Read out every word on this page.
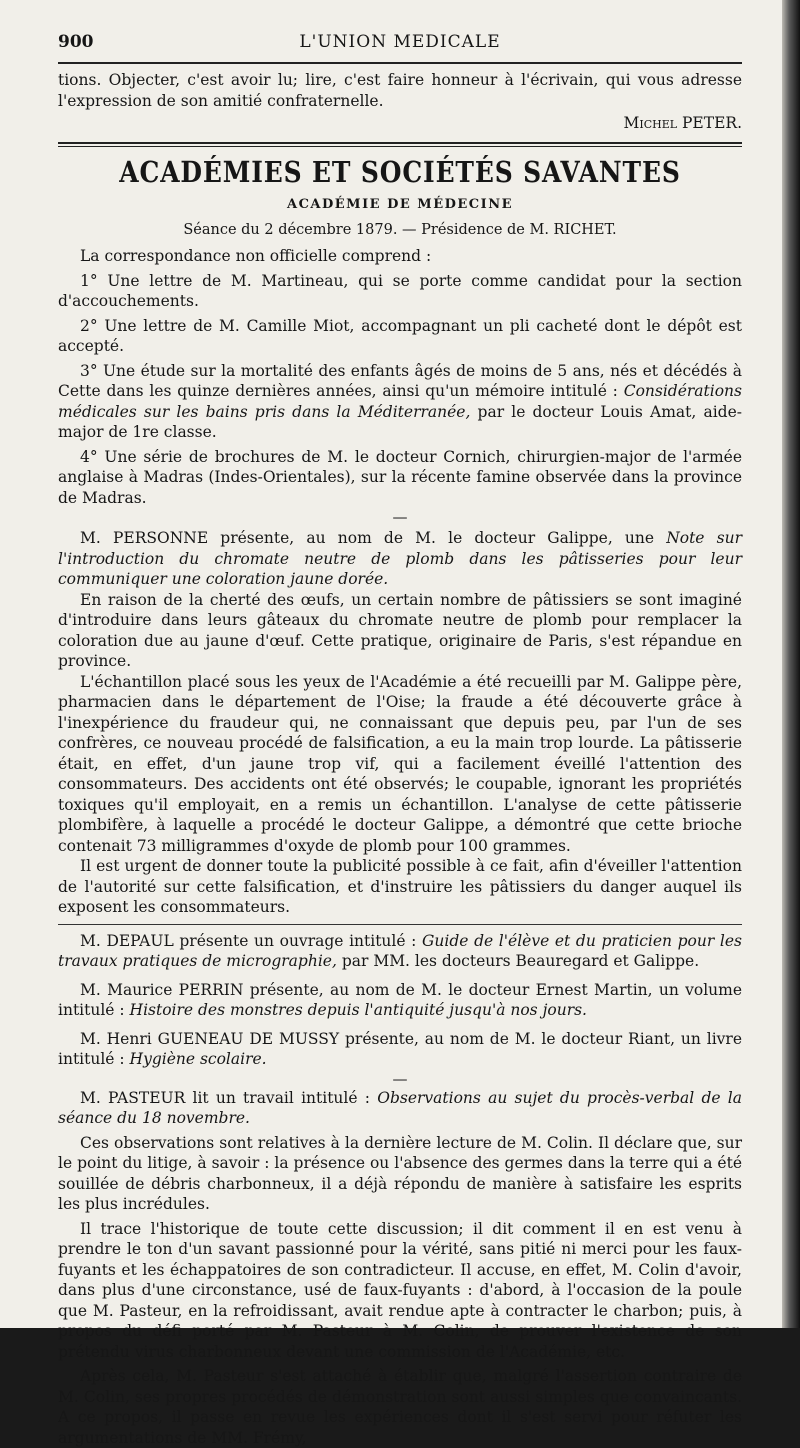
900	L'UNION MEDICALE

tions. Objecter, c'est avoir lu; lire, c'est faire honneur à l'écrivain, qui vous adresse l'expression de son amitié confraternelle.

Michel PETER.
ACADÉMIES ET SOCIÉTÉS SAVANTES
ACADÉMIE DE MÉDECINE
Séance du 2 décembre 1879. — Présidence de M. RICHET.

La correspondance non officielle comprend :

1° Une lettre de M. Martineau, qui se porte comme candidat pour la section d'accouchements.

2° Une lettre de M. Camille Miot, accompagnant un pli cacheté dont le dépôt est accepté.

3° Une étude sur la mortalité des enfants âgés de moins de 5 ans, nés et décédés à Cette dans les quinze dernières années, ainsi qu'un mémoire intitulé : Considérations médicales sur les bains pris dans la Méditerranée, par le docteur Louis Amat, aide-major de 1re classe.

4° Une série de brochures de M. le docteur Cornich, chirurgien-major de l'armée anglaise à Madras (Indes-Orientales), sur la récente famine observée dans la province de Madras.

—

M. PERSONNE présente, au nom de M. le docteur Galippe, une Note sur l'introduction du chromate neutre de plomb dans les pâtisseries pour leur communiquer une coloration jaune dorée.

En raison de la cherté des œufs, un certain nombre de pâtissiers se sont imaginé d'introduire dans leurs gâteaux du chromate neutre de plomb pour remplacer la coloration due au jaune d'œuf. Cette pratique, originaire de Paris, s'est répandue en province.

L'échantillon placé sous les yeux de l'Académie a été recueilli par M. Galippe père, pharmacien dans le département de l'Oise; la fraude a été découverte grâce à l'inexpérience du fraudeur qui, ne connaissant que depuis peu, par l'un de ses confrères, ce nouveau procédé de falsification, a eu la main trop lourde. La pâtisserie était, en effet, d'un jaune trop vif, qui a facilement éveillé l'attention des consommateurs. Des accidents ont été observés; le coupable, ignorant les propriétés toxiques qu'il employait, en a remis un échantillon. L'analyse de cette pâtisserie plombifère, à laquelle a procédé le docteur Galippe, a démontré que cette brioche contenait 73 milligrammes d'oxyde de plomb pour 100 grammes.

Il est urgent de donner toute la publicité possible à ce fait, afin d'éveiller l'attention de l'autorité sur cette falsification, et d'instruire les pâtissiers du danger auquel ils exposent les consommateurs.

M. DEPAUL présente un ouvrage intitulé : Guide de l'élève et du praticien pour les travaux pratiques de micrographie, par MM. les docteurs Beauregard et Galippe.

M. Maurice PERRIN présente, au nom de M. le docteur Ernest Martin, un volume intitulé : Histoire des monstres depuis l'antiquité jusqu'à nos jours.

M. Henri GUENEAU DE MUSSY présente, au nom de M. le docteur Riant, un livre intitulé : Hygiène scolaire.

—

M. PASTEUR lit un travail intitulé : Observations au sujet du procès-verbal de la séance du 18 novembre.

Ces observations sont relatives à la dernière lecture de M. Colin. Il déclare que, sur le point du litige, à savoir : la présence ou l'absence des germes dans la terre qui a été souillée de débris charbonneux, il a déjà répondu de manière à satisfaire les esprits les plus incrédules.

Il trace l'historique de toute cette discussion; il dit comment il en est venu à prendre le ton d'un savant passionné pour la vérité, sans pitié ni merci pour les faux-fuyants et les échappatoires de son contradicteur. Il accuse, en effet, M. Colin d'avoir, dans plus d'une circonstance, usé de faux-fuyants : d'abord, à l'occasion de la poule que M. Pasteur, en la refroidissant, avait rendue apte à contracter le charbon; puis, à propos du défi porté par M. Pasteur à M. Colin, de prouver l'existence de son prétendu virus charbonneux devant une commission de l'Académie, etc.

Après cela, M. Pasteur s'est attaché à établir que, malgré l'assertion contraire de M. Colin, ses propres procédés de démonstration sont aussi simples que convaincants. A ce propos, il passe en revue les expériences dont il s'est servi pour réfuter les argumentations de MM. Frémy,
